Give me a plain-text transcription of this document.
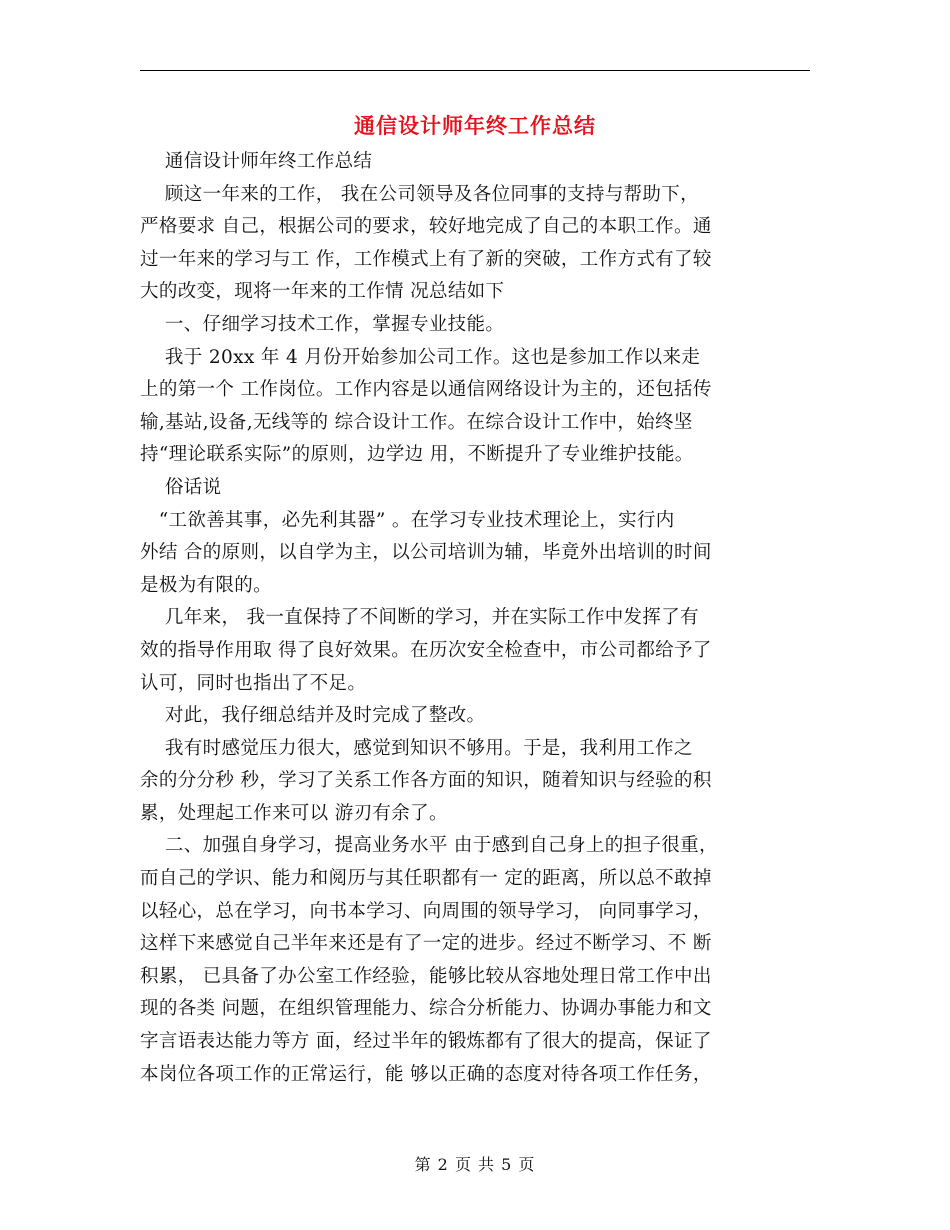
通信设计师年终工作总结
通信设计师年终工作总结
顾这一年来的工作， 我在公司领导及各位同事的支持与帮助下，
严格要求 自己，根据公司的要求，较好地完成了自己的本职工作。通
过一年来的学习与工 作，工作模式上有了新的突破，工作方式有了较
大的改变，现将一年来的工作情 况总结如下
一、仔细学习技术工作，掌握专业技能。
我于 20xx 年 4 月份开始参加公司工作。这也是参加工作以来走
上的第一个 工作岗位。工作内容是以通信网络设计为主的，还包括传
输,基站,设备,无线等的 综合设计工作。在综合设计工作中，始终坚
持“理论联系实际”的原则，边学边 用，不断提升了专业维护技能。
俗话说
“工欲善其事，必先利其器” 。在学习专业技术理论上，实行内
外结 合的原则，以自学为主，以公司培训为辅，毕竟外出培训的时间
是极为有限的。
几年来， 我一直保持了不间断的学习，并在实际工作中发挥了有
效的指导作用取 得了良好效果。在历次安全检查中，市公司都给予了
认可，同时也指出了不足。
对此，我仔细总结并及时完成了整改。
我有时感觉压力很大，感觉到知识不够用。于是，我利用工作之
余的分分秒 秒，学习了关系工作各方面的知识，随着知识与经验的积
累，处理起工作来可以 游刃有余了。
二、加强自身学习，提高业务水平 由于感到自己身上的担子很重，
而自己的学识、能力和阅历与其任职都有一 定的距离，所以总不敢掉
以轻心，总在学习，向书本学习、向周围的领导学习， 向同事学习，
这样下来感觉自己半年来还是有了一定的进步。经过不断学习、不 断
积累， 已具备了办公室工作经验，能够比较从容地处理日常工作中出
现的各类 问题，在组织管理能力、综合分析能力、协调办事能力和文
字言语表达能力等方 面，经过半年的锻炼都有了很大的提高，保证了
本岗位各项工作的正常运行，能 够以正确的态度对待各项工作任务，
第 2 页 共 5 页
